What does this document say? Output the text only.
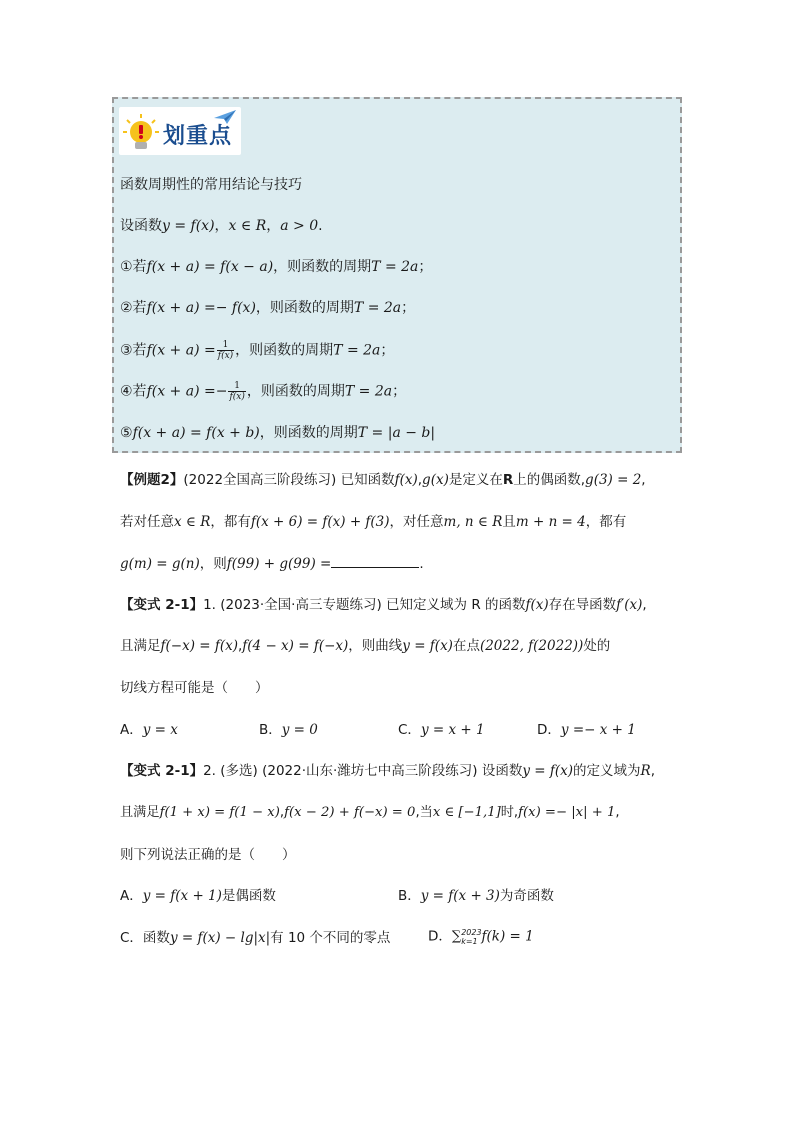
划重点
函数周期性的常用结论与技巧
设函数y = f(x)，x ∈ R，a > 0.
①若f(x + a) = f(x − a)，则函数的周期T = 2a；
②若f(x + a) =− f(x)，则函数的周期T = 2a；
③若$f(x + a) = \frac{1}{f(x)}$ ，则函数的周期T = 2a；
④若$f(x + a) =- \frac{1}{f(x)}$ ，则函数的周期T = 2a；
⑤f(x + a) = f(x + b)，则函数的周期T = |a − b|
【例题2】(2022全国高三阶段练习) 已知函数f(x),g(x)是定义在R上的偶函数,g(3) = 2,
若对任意x ∈ R，都有f(x + 6) = f(x) + f(3)，对任意m, n ∈ R且m + n = 4，都有
g(m) = g(n)，则f(99) + g(99) =	.
【变式 2-1】1. (2023·全国·高三专题练习) 已知定义域为 R 的函数f(x)存在导函数f′(x),
且满足f(−x) = f(x),f(4 − x) = f(−x)，则曲线y = f(x)在点(2022, f(2022))处的
切线方程可能是（　　）
A．y = x	B．y = 0	C．y = x + 1	D．y =− x + 1
【变式 2-1】2. (多选) (2022·山东·潍坊七中高三阶段练习) 设函数y = f(x)的定义域为R,
且满足f(1 + x) = f(1 − x),f(x − 2) + f(−x) = 0,当x ∈ [−1,1]时,f(x) =− |x| + 1,
则下列说法正确的是（　　）
A．y = f(x + 1)是偶函数	B．y = f(x + 3)为奇函数
C．函数y = f(x) − lg|x|有 10 个不同的零点	D．∑ 2023
k=1 f(k) = 1
